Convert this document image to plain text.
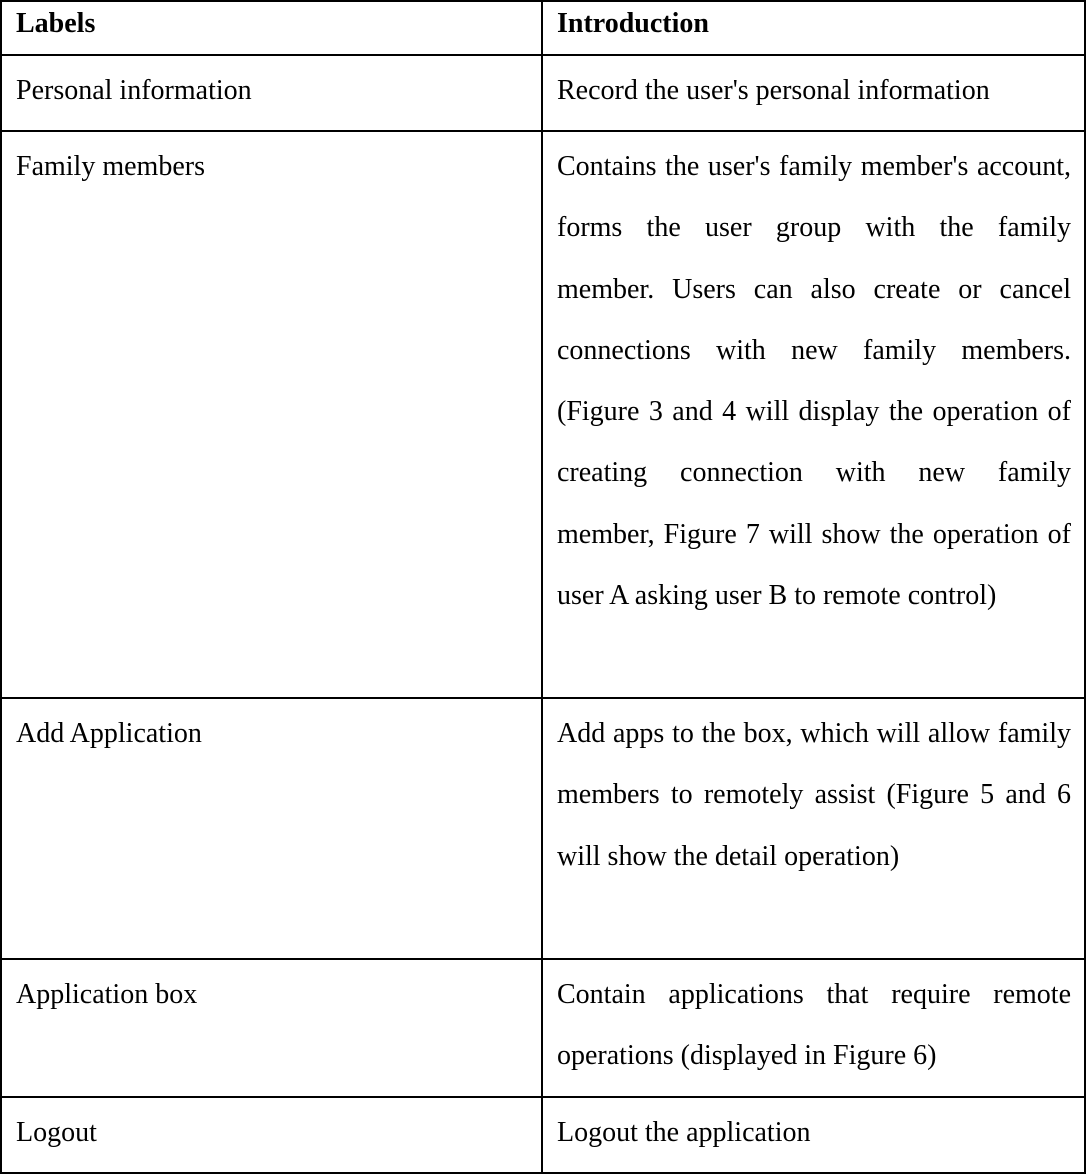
Labels	Introduction
Personal information	Record the user's personal information
Family members	Contains the user's family member's account, forms the user group with the family member. Users can also create or cancel connections with new family members. (Figure 3 and 4 will display the operation of creating connection with new family member, Figure 7 will show the operation of user A asking user B to remote control)
Add Application	Add apps to the box, which will allow family members to remotely assist (Figure 5 and 6 will show the detail operation)
Application box	Contain applications that require remote operations (displayed in Figure 6)
Logout	Logout the application
